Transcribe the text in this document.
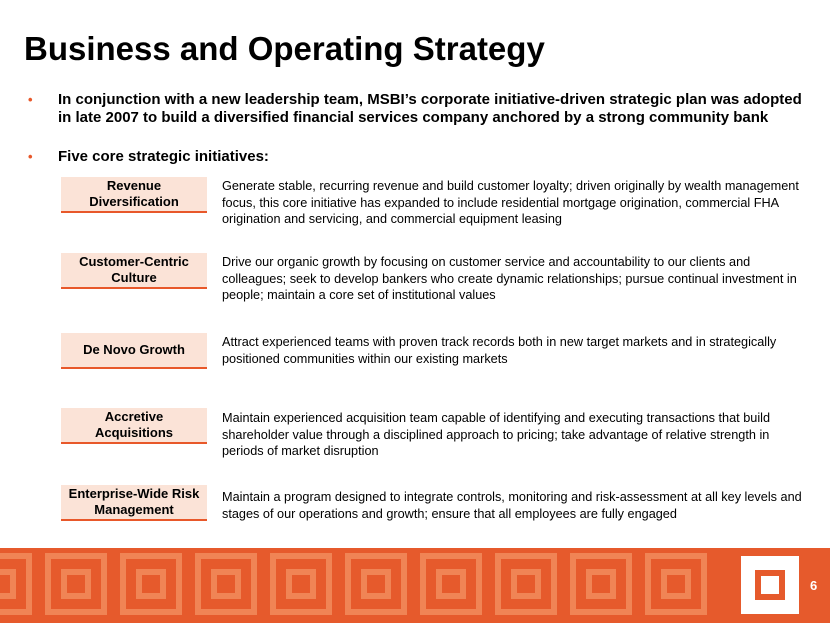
Business and Operating Strategy
• In conjunction with a new leadership team, MSBI’s corporate initiative-driven strategic plan was adopted
in late 2007 to build a diversified financial services company anchored by a strong community bank
• Five core strategic initiatives:
Revenue
Diversification
Generate stable, recurring revenue and build customer loyalty; driven originally by wealth management
focus, this core initiative has expanded to include residential mortgage origination, commercial FHA
origination and servicing, and commercial equipment leasing
Customer-Centric
Culture
Drive our organic growth by focusing on customer service and accountability to our clients and
colleagues; seek to develop bankers who create dynamic relationships; pursue continual investment in
people; maintain a core set of institutional values
De Novo Growth	Attract experienced teams with proven track records both in new target markets and in strategically
positioned communities within our existing markets
Accretive
Acquisitions
Maintain experienced acquisition team capable of identifying and executing transactions that build
shareholder value through a disciplined approach to pricing; take advantage of relative strength in
periods of market disruption
Enterprise-Wide Risk
Management
Maintain a program designed to integrate controls, monitoring and risk-assessment at all key levels and
stages of our operations and growth; ensure that all employees are fully engaged
6
